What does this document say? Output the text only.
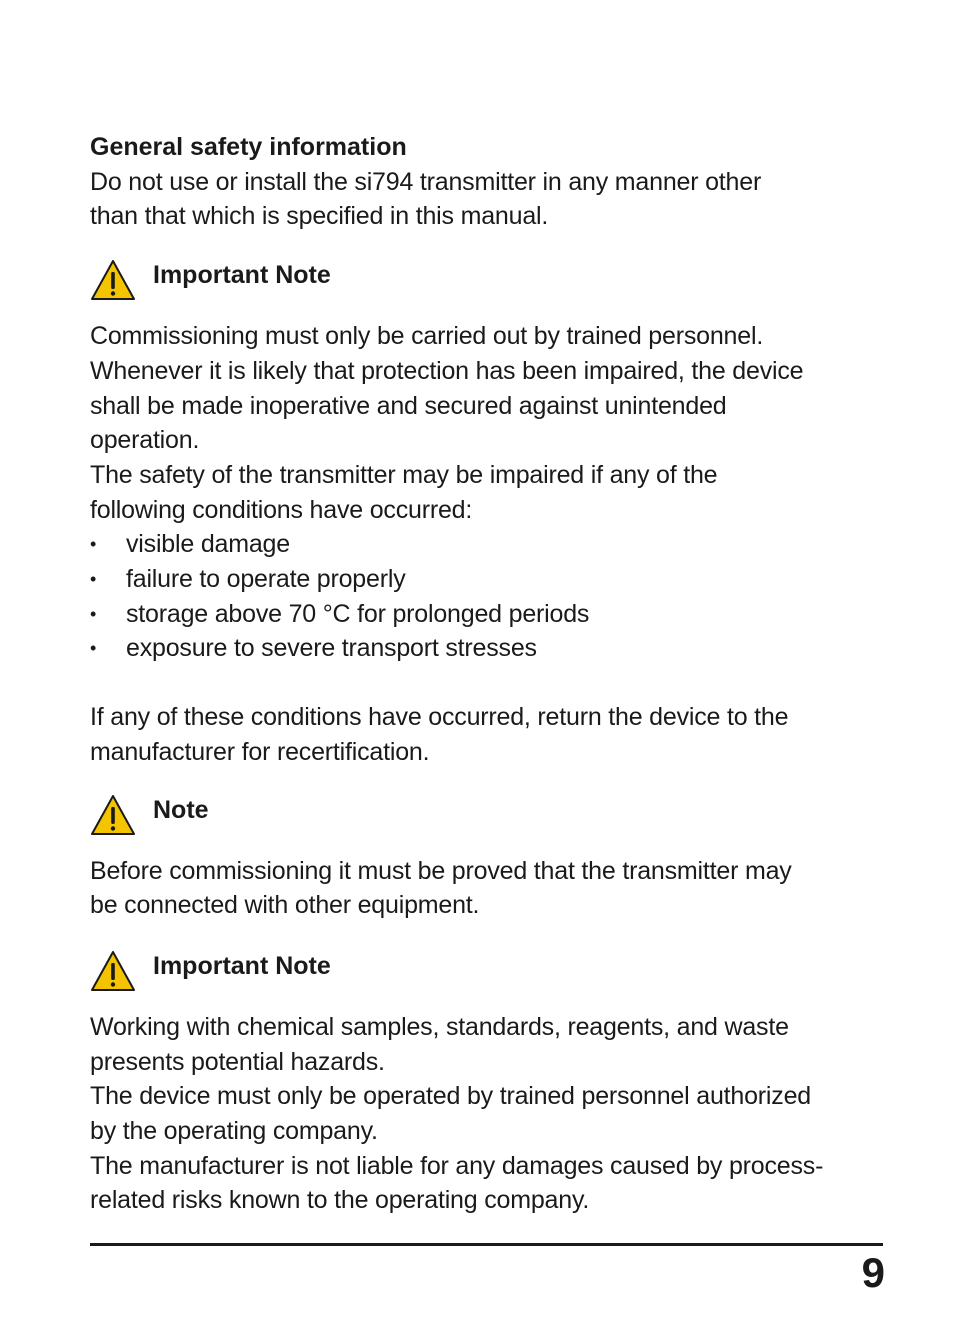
General safety information

Do not use or install the si794 transmitter in any manner other

than that which is specified in this manual.

Important Note

Commissioning must only be carried out by trained personnel.

Whenever it is likely that protection has been impaired, the device

shall be made inoperative and secured against unintended

operation.

The safety of the transmitter may be impaired if any of the

following conditions have occurred:

• visible damage
• failure to operate properly
• storage above 70 °C for prolonged periods
• exposure to severe transport stresses

If any of these conditions have occurred, return the device to the

manufacturer for recertification.

Note

Before commissioning it must be proved that the transmitter may

be connected with other equipment.

Important Note

Working with chemical samples, standards, reagents, and waste

presents potential hazards.

The device must only be operated by trained personnel authorized

by the operating company.

The manufacturer is not liable for any damages caused by process-

related risks known to the operating company.

9
